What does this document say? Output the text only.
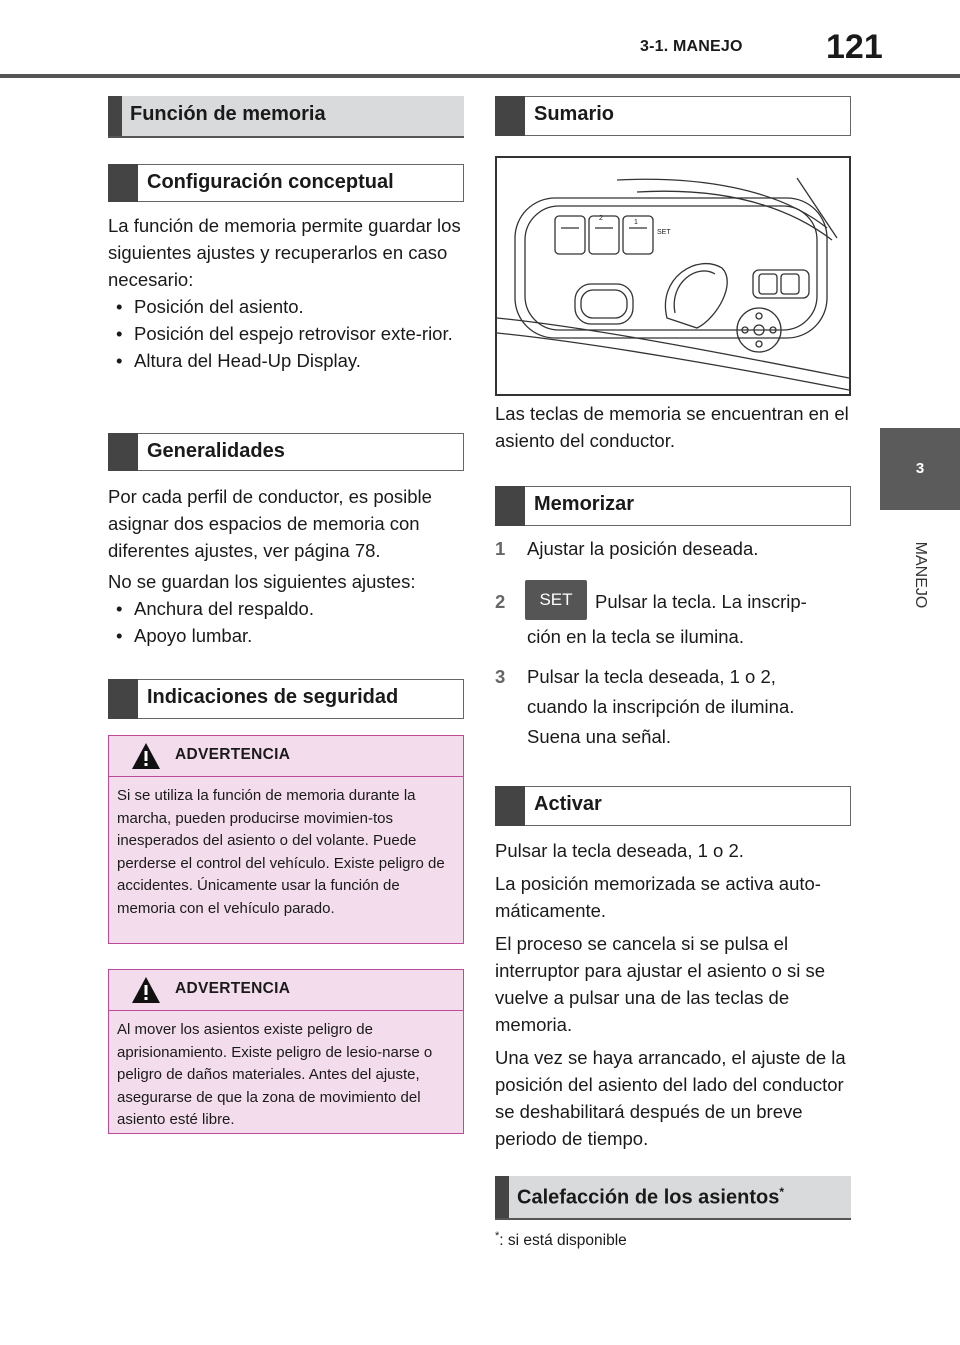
3-1. MANEJO 121
3
MANEJO
Función de memoria
Configuración conceptual
La función de memoria permite guardar los siguientes ajustes y recuperarlos en caso necesario:
• Posición del asiento.
• Posición del espejo retrovisor exte-rior.
• Altura del Head-Up Display.
Generalidades
Por cada perfil de conductor, es posible asignar dos espacios de memoria con diferentes ajustes, ver página 78.
No se guardan los siguientes ajustes:
• Anchura del respaldo.
• Apoyo lumbar.
Indicaciones de seguridad
ADVERTENCIA
Si se utiliza la función de memoria durante la marcha, pueden producirse movimien-tos inesperados del asiento o del volante. Puede perderse el control del vehículo. Existe peligro de accidentes. Únicamente usar la función de memoria con el vehículo parado.
ADVERTENCIA
Al mover los asientos existe peligro de aprisionamiento. Existe peligro de lesio-narse o peligro de daños materiales. Antes del ajuste, asegurarse de que la zona de movimiento del asiento esté libre.
Sumario
2
1
SET
Las teclas de memoria se encuentran en el asiento del conductor.
Memorizar
1 Ajustar la posición deseada.
2	SET	Pulsar la tecla. La inscrip-
ción en la tecla se ilumina.
3 Pulsar la tecla deseada, 1 o 2,
cuando la inscripción de ilumina.
Suena una señal.
Activar
Pulsar la tecla deseada, 1 o 2.
La posición memorizada se activa auto-máticamente.
El proceso se cancela si se pulsa el interruptor para ajustar el asiento o si se vuelve a pulsar una de las teclas de memoria.
Una vez se haya arrancado, el ajuste de la posición del asiento del lado del conductor se deshabilitará después de un breve periodo de tiempo.
Calefacción de los asientos*
*: si está disponible
